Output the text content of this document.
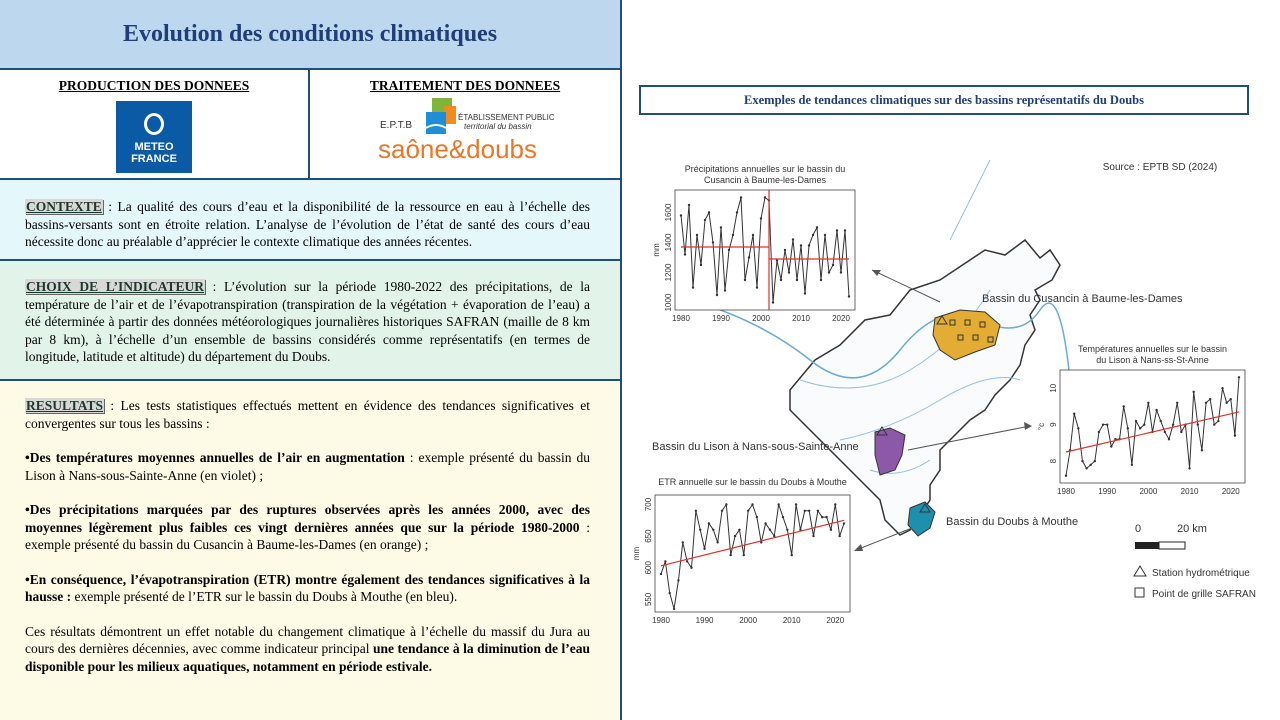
Evolution des conditions climatiques
PRODUCTION DES DONNEES
METEO
FRANCE
TRAITEMENT DES DONNEES
E.P.T.B
ÉTABLISSEMENT PUBLIC
territorial du bassin
saône&doubs
CONTEXTE : La qualité des cours d’eau et la disponibilité de la ressource en eau à l’échelle des bassins-versants sont en étroite relation. L’analyse de l’évolution de l’état de santé des cours d’eau nécessite donc au préalable d’apprécier le contexte climatique des années récentes.
CHOIX DE L’INDICATEUR : L’évolution sur la période 1980-2022 des précipitations, de la température de l’air et de l’évapotranspiration (transpiration de la végétation + évaporation de l’eau) a été déterminée à partir des données météorologiques journalières historiques SAFRAN (maille de 8 km par 8 km), à l’échelle d’un ensemble de bassins considérés comme représentatifs (en termes de longitude, latitude et altitude) du département du Doubs.

RESULTATS : Les tests statistiques effectués mettent en évidence des tendances significatives et convergentes sur tous les bassins :

•Des températures moyennes annuelles de l’air en augmentation : exemple présenté du bassin du Lison à Nans-sous-Sainte-Anne (en violet) ;

•Des précipitations marquées par des ruptures observées après les années 2000, avec des moyennes légèrement plus faibles ces vingt dernières années que sur la période 1980-2000 : exemple présenté du bassin du Cusancin à Baume-les-Dames (en orange) ;

•En conséquence, l’évapotranspiration (ETR) montre également des tendances significatives à la hausse : exemple présenté de l’ETR sur le bassin du Doubs à Mouthe (en bleu).

Ces résultats démontrent un effet notable du changement climatique à l’échelle du massif du Jura au cours des dernières décennies, avec comme indicateur principal une tendance à la diminution de l’eau disponible pour les milieux aquatiques, notamment en période estivale.

Exemples de tendances climatiques sur des bassins représentatifs du Doubs
Source : EPTB SD (2024)
Bassin du Cusancin à Baume-les-Dames
Bassin du Lison à Nans-sous-Sainte-Anne
Bassin du Doubs à Mouthe
0	20 km
Station hydrométrique
Point de grille SAFRAN
Précipitations annuelles sur le bassin du
Cusancin à Baume-les-Dames
1980	1990	2000	2010	2020
1000
1200
1400
1600
mm
Températures annuelles sur le bassin
du Lison à Nans-ss-St-Anne
1980	1990	2000	2010	2020
8
9
10
°c
ETR annuelle sur le bassin du Doubs à Mouthe
1980	1990	2000	2010	2020
550
600
650
700
mm
